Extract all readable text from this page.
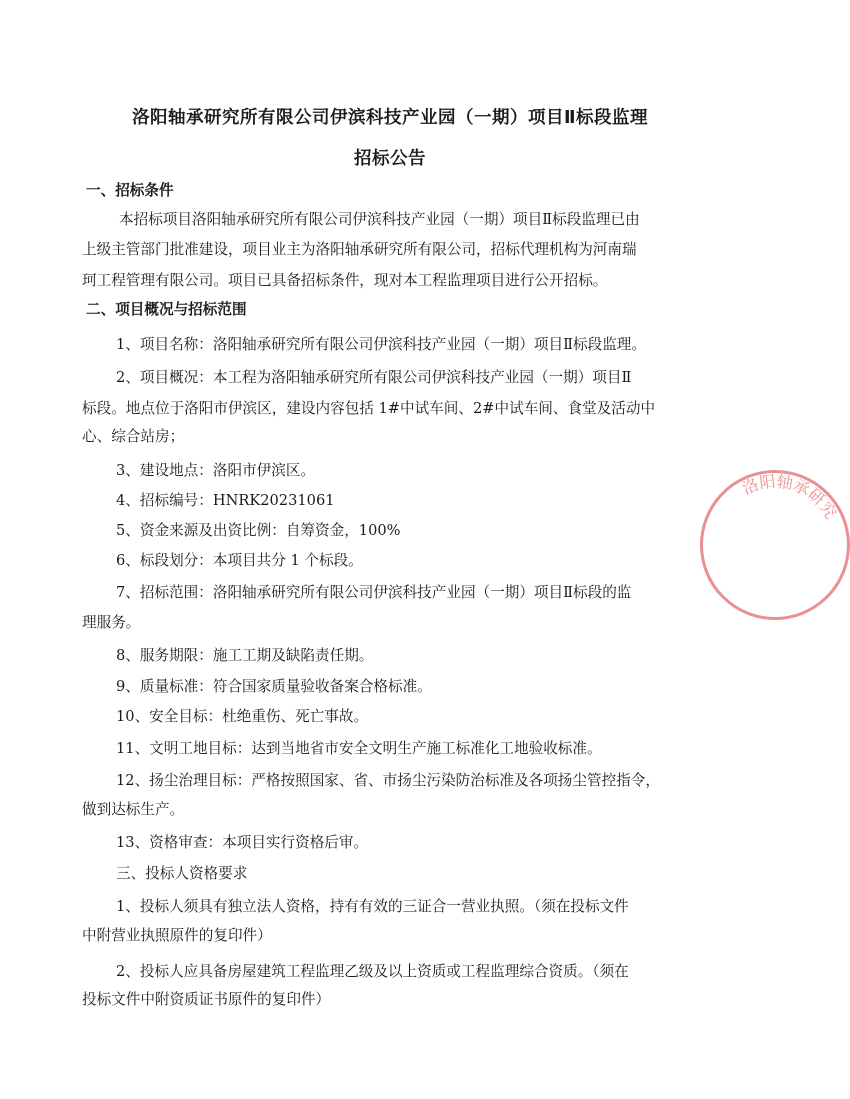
洛阳轴承研究所有限公司伊滨科技产业园（一期）项目Ⅱ标段监理
招标公告
一、招标条件
本招标项目洛阳轴承研究所有限公司伊滨科技产业园（一期）项目Ⅱ标段监理已由
上级主管部门批准建设，项目业主为洛阳轴承研究所有限公司，招标代理机构为河南瑞
珂工程管理有限公司。项目已具备招标条件，现对本工程监理项目进行公开招标。
二、项目概况与招标范围
1、项目名称：洛阳轴承研究所有限公司伊滨科技产业园（一期）项目Ⅱ标段监理。
2、项目概况：本工程为洛阳轴承研究所有限公司伊滨科技产业园（一期）项目Ⅱ
标段。地点位于洛阳市伊滨区，建设内容包括 1#中试车间、2#中试车间、食堂及活动中
心、综合站房；
3、建设地点：洛阳市伊滨区。
4、招标编号：HNRK20231061
5、资金来源及出资比例：自筹资金，100%
6、标段划分：本项目共分 1 个标段。
7、招标范围：洛阳轴承研究所有限公司伊滨科技产业园（一期）项目Ⅱ标段的监
理服务。
8、服务期限：施工工期及缺陷责任期。
9、质量标准：符合国家质量验收备案合格标准。
10、安全目标：杜绝重伤、死亡事故。
11、文明工地目标：达到当地省市安全文明生产施工标准化工地验收标准。
12、扬尘治理目标：严格按照国家、省、市扬尘污染防治标准及各项扬尘管控指令，
做到达标生产。
13、资格审查：本项目实行资格后审。
三、投标人资格要求
1、投标人须具有独立法人资格，持有有效的三证合一营业执照。（须在投标文件
中附营业执照原件的复印件）
2、投标人应具备房屋建筑工程监理乙级及以上资质或工程监理综合资质。（须在
投标文件中附资质证书原件的复印件）
洛阳轴承研究
